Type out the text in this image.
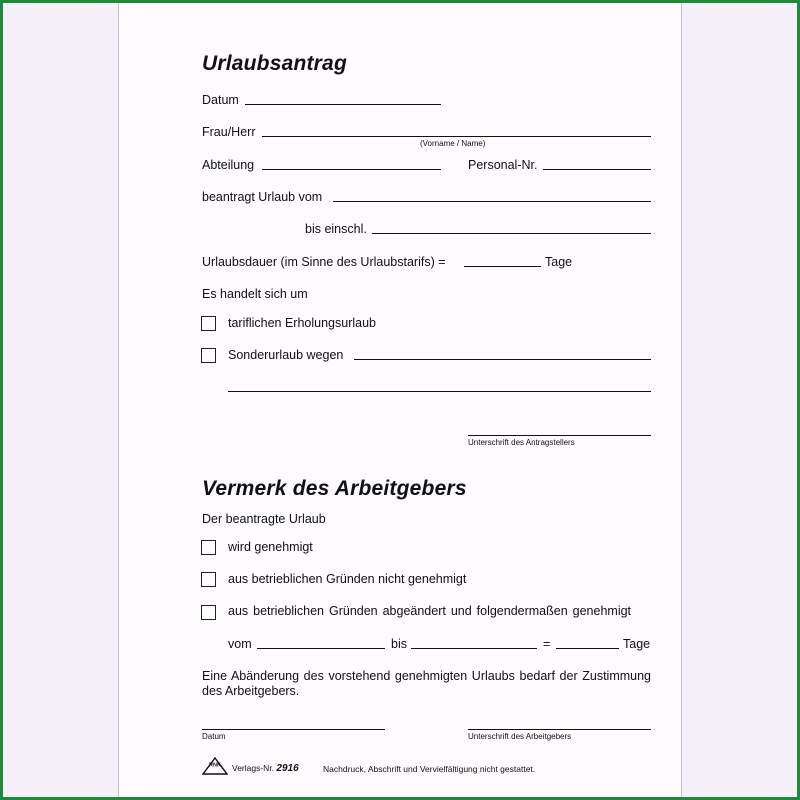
Urlaubsantrag
Datum
Frau/Herr
(Vorname / Name)
Abteilung	Personal-Nr.
beantragt Urlaub vom
bis einschl.
Urlaubsdauer (im Sinne des Urlaubstarifs) =	Tage
Es handelt sich um
tariflichen Erholungsurlaub
Sonderurlaub wegen
Unterschrift des Antragstellers
Vermerk des Arbeitgebers
Der beantragte Urlaub
wird genehmigt
aus betrieblichen Gründen nicht genehmigt
aus betrieblichen Gründen abgeändert und folgendermaßen genehmigt
vom	bis	=	Tage
Eine Abänderung des vorstehend genehmigten Urlaubs bedarf der Zustimmung des Arbeitgebers.
Datum	Unterschrift des Arbeitgebers
RNK Verlags-Nr. 2916	Nachdruck, Abschrift und Vervielfältigung nicht gestattet.
